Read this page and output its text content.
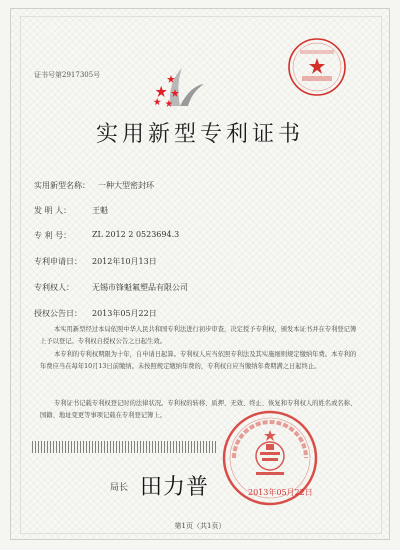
证书号第2917305号
实用新型专利证书
实用新型名称： 一种大型密封环
发 明 人：	王魁
专 利 号：	ZL 2012 2 0523694.3
专利申请日： 2012年10月13日
专利权人： 无锡市锋魁氟塑品有限公司
授权公告日： 2013年05月22日
本实用新型经过本局依照中华人民共和国专利法进行初步审查，决定授予专利权，颁发本证书并在专利登记簿上予以登记。专利权自授权公告之日起生效。
本专利的专利权期限为十年，自申请日起算。专利权人应当依照专利法及其实施细则规定缴纳年费。本专利的年费应当在每年10月13日前缴纳。未按照规定缴纳年费的，专利权自应当缴纳年费期满之日起终止。
专利证书记载专利权登记时的法律状况。专利权的转移、质押、无效、终止、恢复和专利权人的姓名或名称、国籍、地址变更等事项记载在专利登记簿上。
局长 田力普	2013年05月22日
第1页（共1页）
